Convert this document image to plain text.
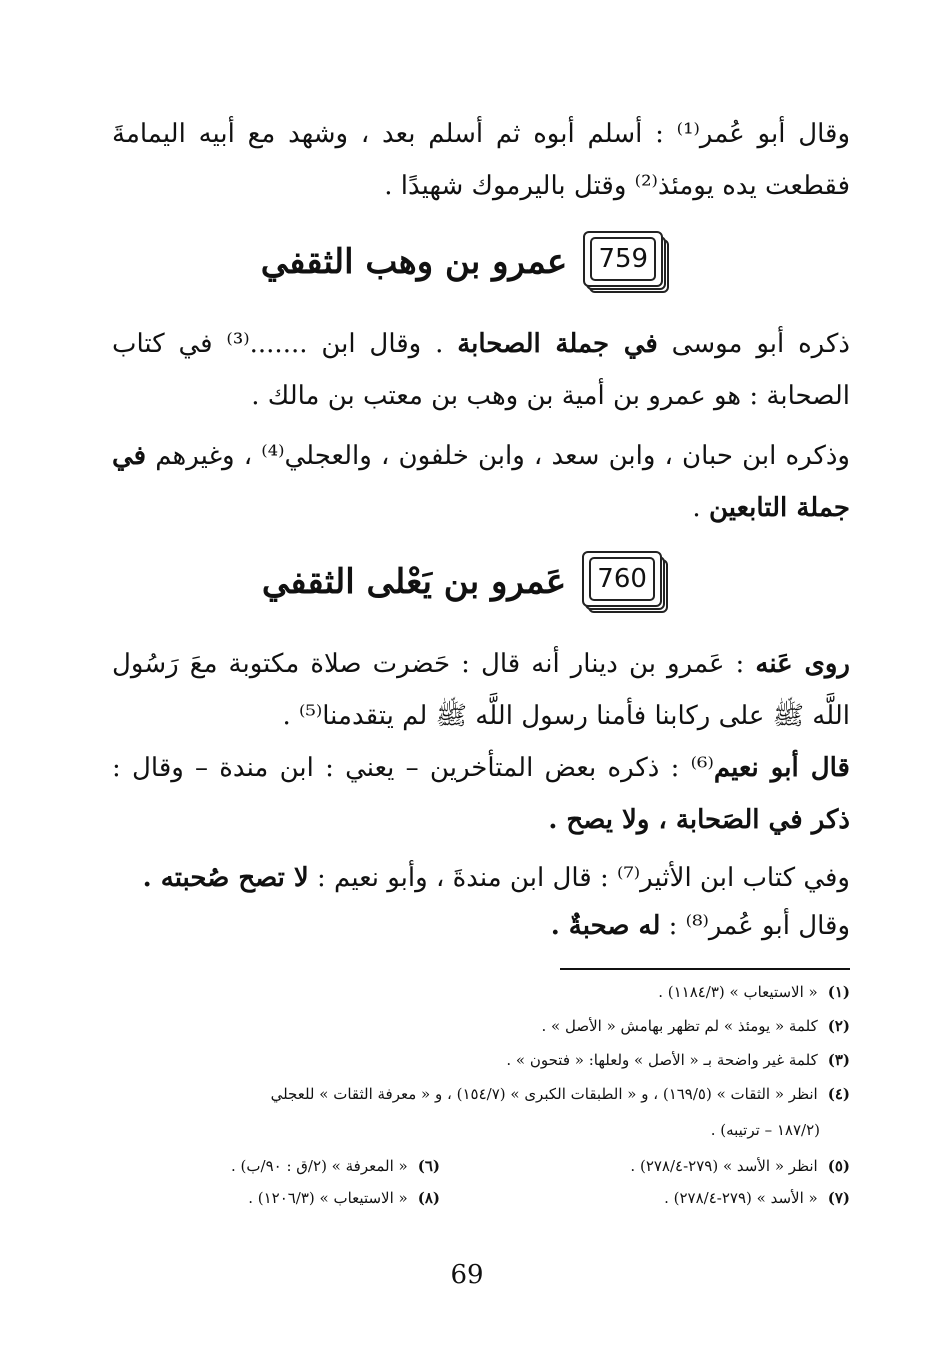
وقال أبو عُمر⁽¹⁾ : أسلم أبوه ثم أسلم بعد ، وشهد مع أبيه اليمامةَ فقطعت يده يومئذ⁽²⁾ وقتل باليرموك شهيدًا .
759
عمرو بن وهب الثقفي
ذكره أبو موسى في جملة الصحابة . وقال ابن .......⁽³⁾ في كتاب الصحابة : هو عمرو بن أمية بن وهب بن معتب بن مالك .
وذكره ابن حبان ، وابن سعد ، وابن خلفون ، والعجلي⁽⁴⁾ ، وغيرهم في جملة التابعين .
760
عَمرو بن يَعْلى الثقفي
روى عَنه : عَمرو بن دينار أنه قال : حَضرت صلاة مكتوبة معَ رَسُول اللَّه ﷺ على ركابنا فأمنا رسول اللَّه ﷺ لم يتقدمنا⁽⁵⁾ .
قال أبو نعيم⁽⁶⁾ : ذكره بعض المتأخرين – يعني : ابن مندة – وقال : ذكر في الصَحابة ، ولا يصح .
وفي كتاب ابن الأثير⁽⁷⁾ : قال ابن مندةَ ، وأبو نعيم : لا تصح صُحبته .
وقال أبو عُمر⁽⁸⁾ : له صحبةٌ .
(١)« الاستيعاب » (١١٨٤/٣) .
(٢)كلمة « يومئذ » لم تظهر بهامش « الأصل » .
(٣)كلمة غير واضحة بـ « الأصل » ولعلها: « فتحون » .
(٤)انظر « الثقات » (١٦٩/٥) ، و « الطبقات الكبرى » (١٥٤/٧) ، و « معرفة الثقات » للعجلي
(١٨٧/٢ – ترتيبه) .
(٥)انظر « الأسد » (٢٧٩-٢٧٨/٤) .
(٦)« المعرفة » (٢/ق : ٩٠/ب) .
(٧)« الأسد » (٢٧٩-٢٧٨/٤) .
(٨)« الاستيعاب » (١٢٠٦/٣) .
69
